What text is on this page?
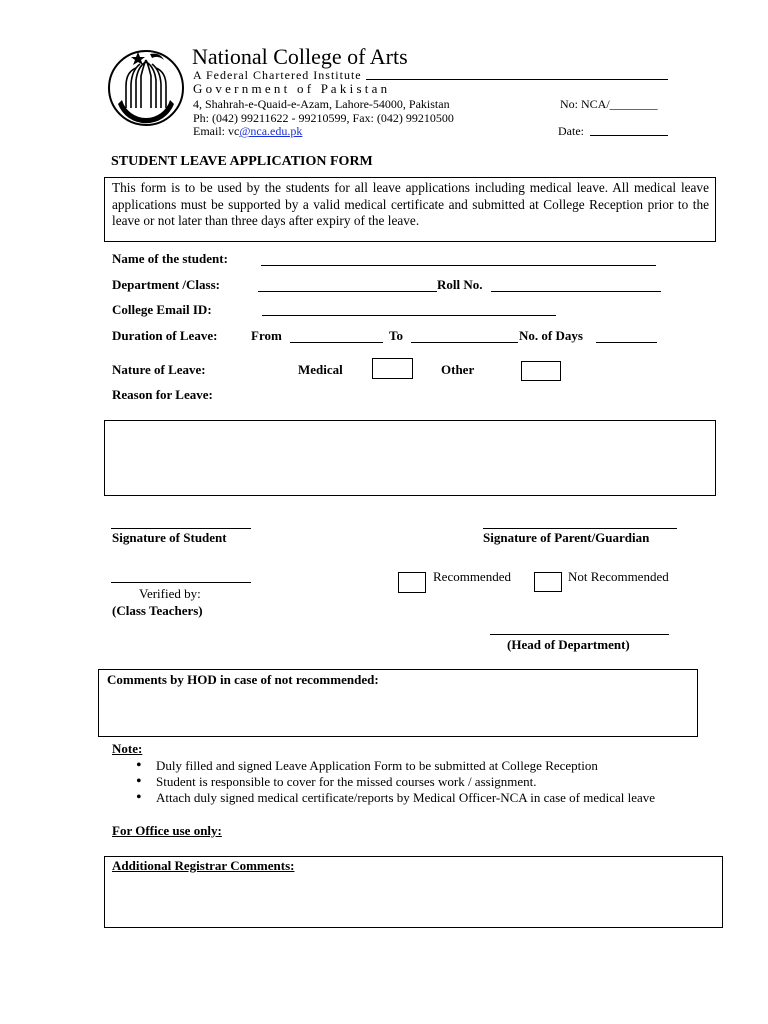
National College of Arts
A Federal Chartered Institute
G o v e r n m e n t   o f   P a k i s t a n
4, Shahrah-e-Quaid-e-Azam, Lahore-54000, Pakistan
Ph: (042) 99211622 - 99210599, Fax: (042) 99210500
Email: vc@nca.edu.pk
No: NCA/________
Date:
STUDENT LEAVE APPLICATION FORM
This form is to be used by the students for all leave applications including medical leave. All medical leave applications must be supported by a valid medical certificate and submitted at College Reception prior to the leave or not later than three days after expiry of the leave.
Name of the student:
Department /Class:	Roll No.
College Email ID:
Duration of Leave:	From	To	No. of Days
Nature of Leave:	Medical	Other
Reason for Leave:
Signature of Student	Signature of Parent/Guardian
Verified by:
(Class Teachers)
Recommended	Not Recommended
(Head of Department)
Comments by HOD in case of not recommended:
Note:
• Duly filled and signed Leave Application Form to be submitted at College Reception
• Student is responsible to cover for the missed courses work / assignment.
• Attach duly signed medical certificate/reports by Medical Officer-NCA in case of medical leave
For Office use only:
Additional Registrar Comments:
